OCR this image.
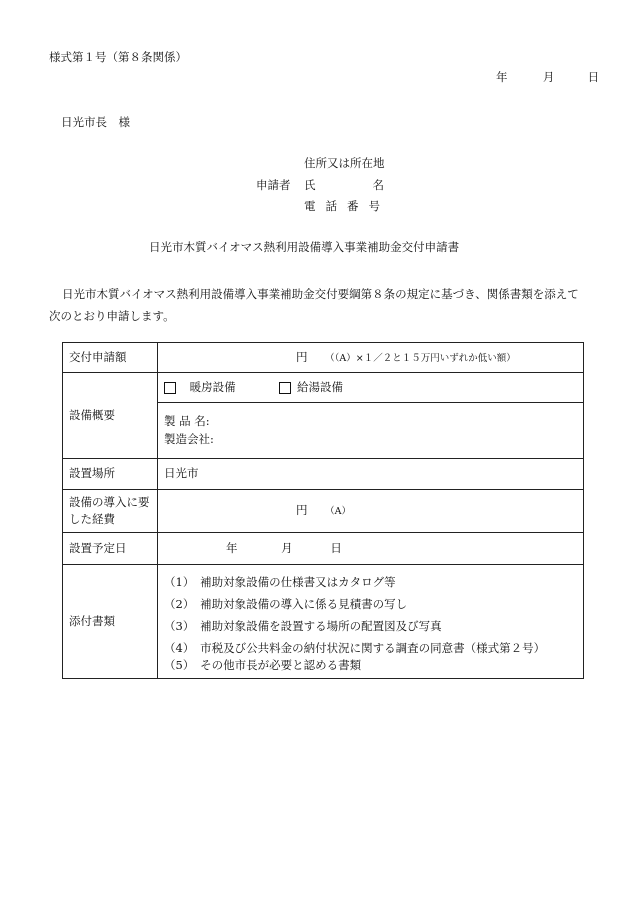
様式第１号（第８条関係）
年	月	日
日光市長　様
住所又は所在地
申請者 氏	名
電話番号
日光市木質バイオマス熱利用設備導入事業補助金交付申請書
日光市木質バイオマス熱利用設備導入事業補助金交付要綱第８条の規定に基づき、関係書類を添えて次のとおり申請します。
交付申請額	円 （（A）×１／２と１５万円いずれか低い額）
設備概要	暖房設備 給湯設備

	製 品 名:
製造会社:

設置場所	日光市
設備の導入に要した経費	円 （A）
設置予定日	年 月 日
添付書類	（1）　補助対象設備の仕様書又はカタログ等
（2）　補助対象設備の導入に係る見積書の写し
（3）　補助対象設備を設置する場所の配置図及び写真
（4）　市税及び公共料金の納付状況に関する調査の同意書（様式第２号）
（5）　その他市長が必要と認める書類
